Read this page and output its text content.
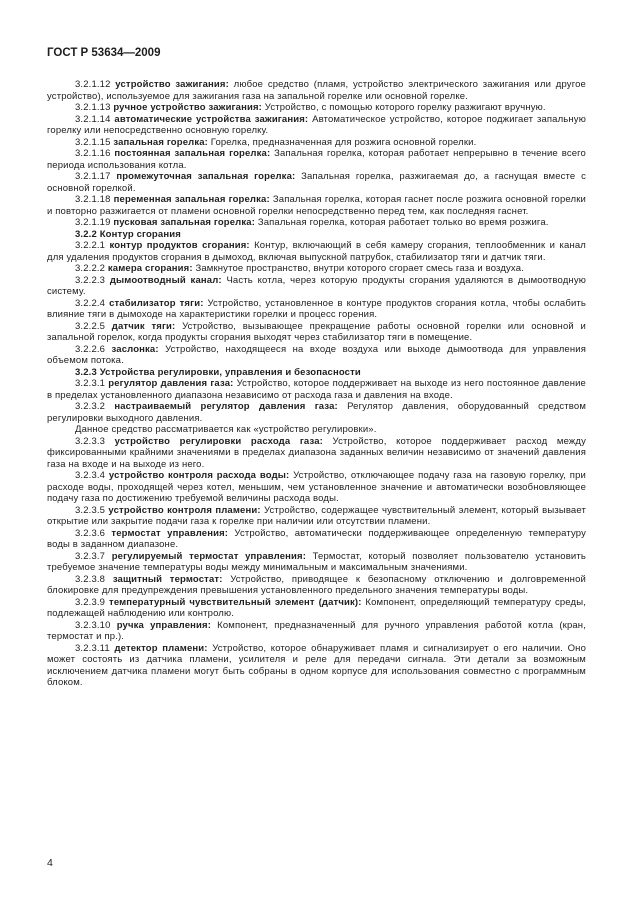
ГОСТ Р 53634—2009

3.2.1.12 устройство зажигания: любое средство (пламя, устройство электрического зажигания или другое устройство), используемое для зажигания газа на запальной горелке или основной горелке.

3.2.1.13 ручное устройство зажигания: Устройство, с помощью которого горелку разжигают вручную.

3.2.1.14 автоматические устройства зажигания: Автоматическое устройство, которое поджигает запальную горелку или непосредственно основную горелку.

3.2.1.15 запальная горелка: Горелка, предназначенная для розжига основной горелки.

3.2.1.16 постоянная запальная горелка: Запальная горелка, которая работает непрерывно в течение всего периода использования котла.

3.2.1.17 промежуточная запальная горелка: Запальная горелка, разжигаемая до, а гаснущая вместе с основной горелкой.

3.2.1.18 переменная запальная горелка: Запальная горелка, которая гаснет после розжига основной горелки и повторно разжигается от пламени основной горелки непосредственно перед тем, как последняя гаснет.

3.2.1.19 пусковая запальная горелка: Запальная горелка, которая работает только во время розжига.

3.2.2 Контур сгорания

3.2.2.1 контур продуктов сгорания: Контур, включающий в себя камеру сгорания, теплообменник и канал для удаления продуктов сгорания в дымоход, включая выпускной патрубок, стабилизатор тяги и датчик тяги.

3.2.2.2 камера сгорания: Замкнутое пространство, внутри которого сгорает смесь газа и воздуха.

3.2.2.3 дымоотводный канал: Часть котла, через которую продукты сгорания удаляются в дымоотводную систему.

3.2.2.4 стабилизатор тяги: Устройство, установленное в контуре продуктов сгорания котла, чтобы ослабить влияние тяги в дымоходе на характеристики горелки и процесс горения.

3.2.2.5 датчик тяги: Устройство, вызывающее прекращение работы основной горелки или основной и запальной горелок, когда продукты сгорания выходят через стабилизатор тяги в помещение.

3.2.2.6 заслонка: Устройство, находящееся на входе воздуха или выходе дымоотвода для управления объемом потока.

3.2.3 Устройства регулировки, управления и безопасности

3.2.3.1 регулятор давления газа: Устройство, которое поддерживает на выходе из него постоянное давление в пределах установленного диапазона независимо от расхода газа и давления на входе.

3.2.3.2 настраиваемый регулятор давления газа: Регулятор давления, оборудованный средством регулировки выходного давления.

Данное средство рассматривается как «устройство регулировки».

3.2.3.3 устройство регулировки расхода газа: Устройство, которое поддерживает расход между фиксированными крайними значениями в пределах диапазона заданных величин независимо от значений давления газа на входе и на выходе из него.

3.2.3.4 устройство контроля расхода воды: Устройство, отключающее подачу газа на газовую горелку, при расходе воды, проходящей через котел, меньшим, чем установленное значение и автоматически возобновляющее подачу газа по достижению требуемой величины расхода воды.

3.2.3.5 устройство контроля пламени: Устройство, содержащее чувствительный элемент, который вызывает открытие или закрытие подачи газа к горелке при наличии или отсутствии пламени.

3.2.3.6 термостат управления: Устройство, автоматически поддерживающее определенную температуру воды в заданном диапазоне.

3.2.3.7 регулируемый термостат управления: Термостат, который позволяет пользователю установить требуемое значение температуры воды между минимальным и максимальным значениями.

3.2.3.8 защитный термостат: Устройство, приводящее к безопасному отключению и долговременной блокировке для предупреждения превышения установленного предельного значения температуры воды.

3.2.3.9 температурный чувствительный элемент (датчик): Компонент, определяющий температуру среды, подлежащей наблюдению или контролю.

3.2.3.10 ручка управления: Компонент, предназначенный для ручного управления работой котла (кран, термостат и пр.).

3.2.3.11 детектор пламени: Устройство, которое обнаруживает пламя и сигнализирует о его наличии. Оно может состоять из датчика пламени, усилителя и реле для передачи сигнала. Эти детали за возможным исключением датчика пламени могут быть собраны в одном корпусе для использования совместно с программным блоком.

4
